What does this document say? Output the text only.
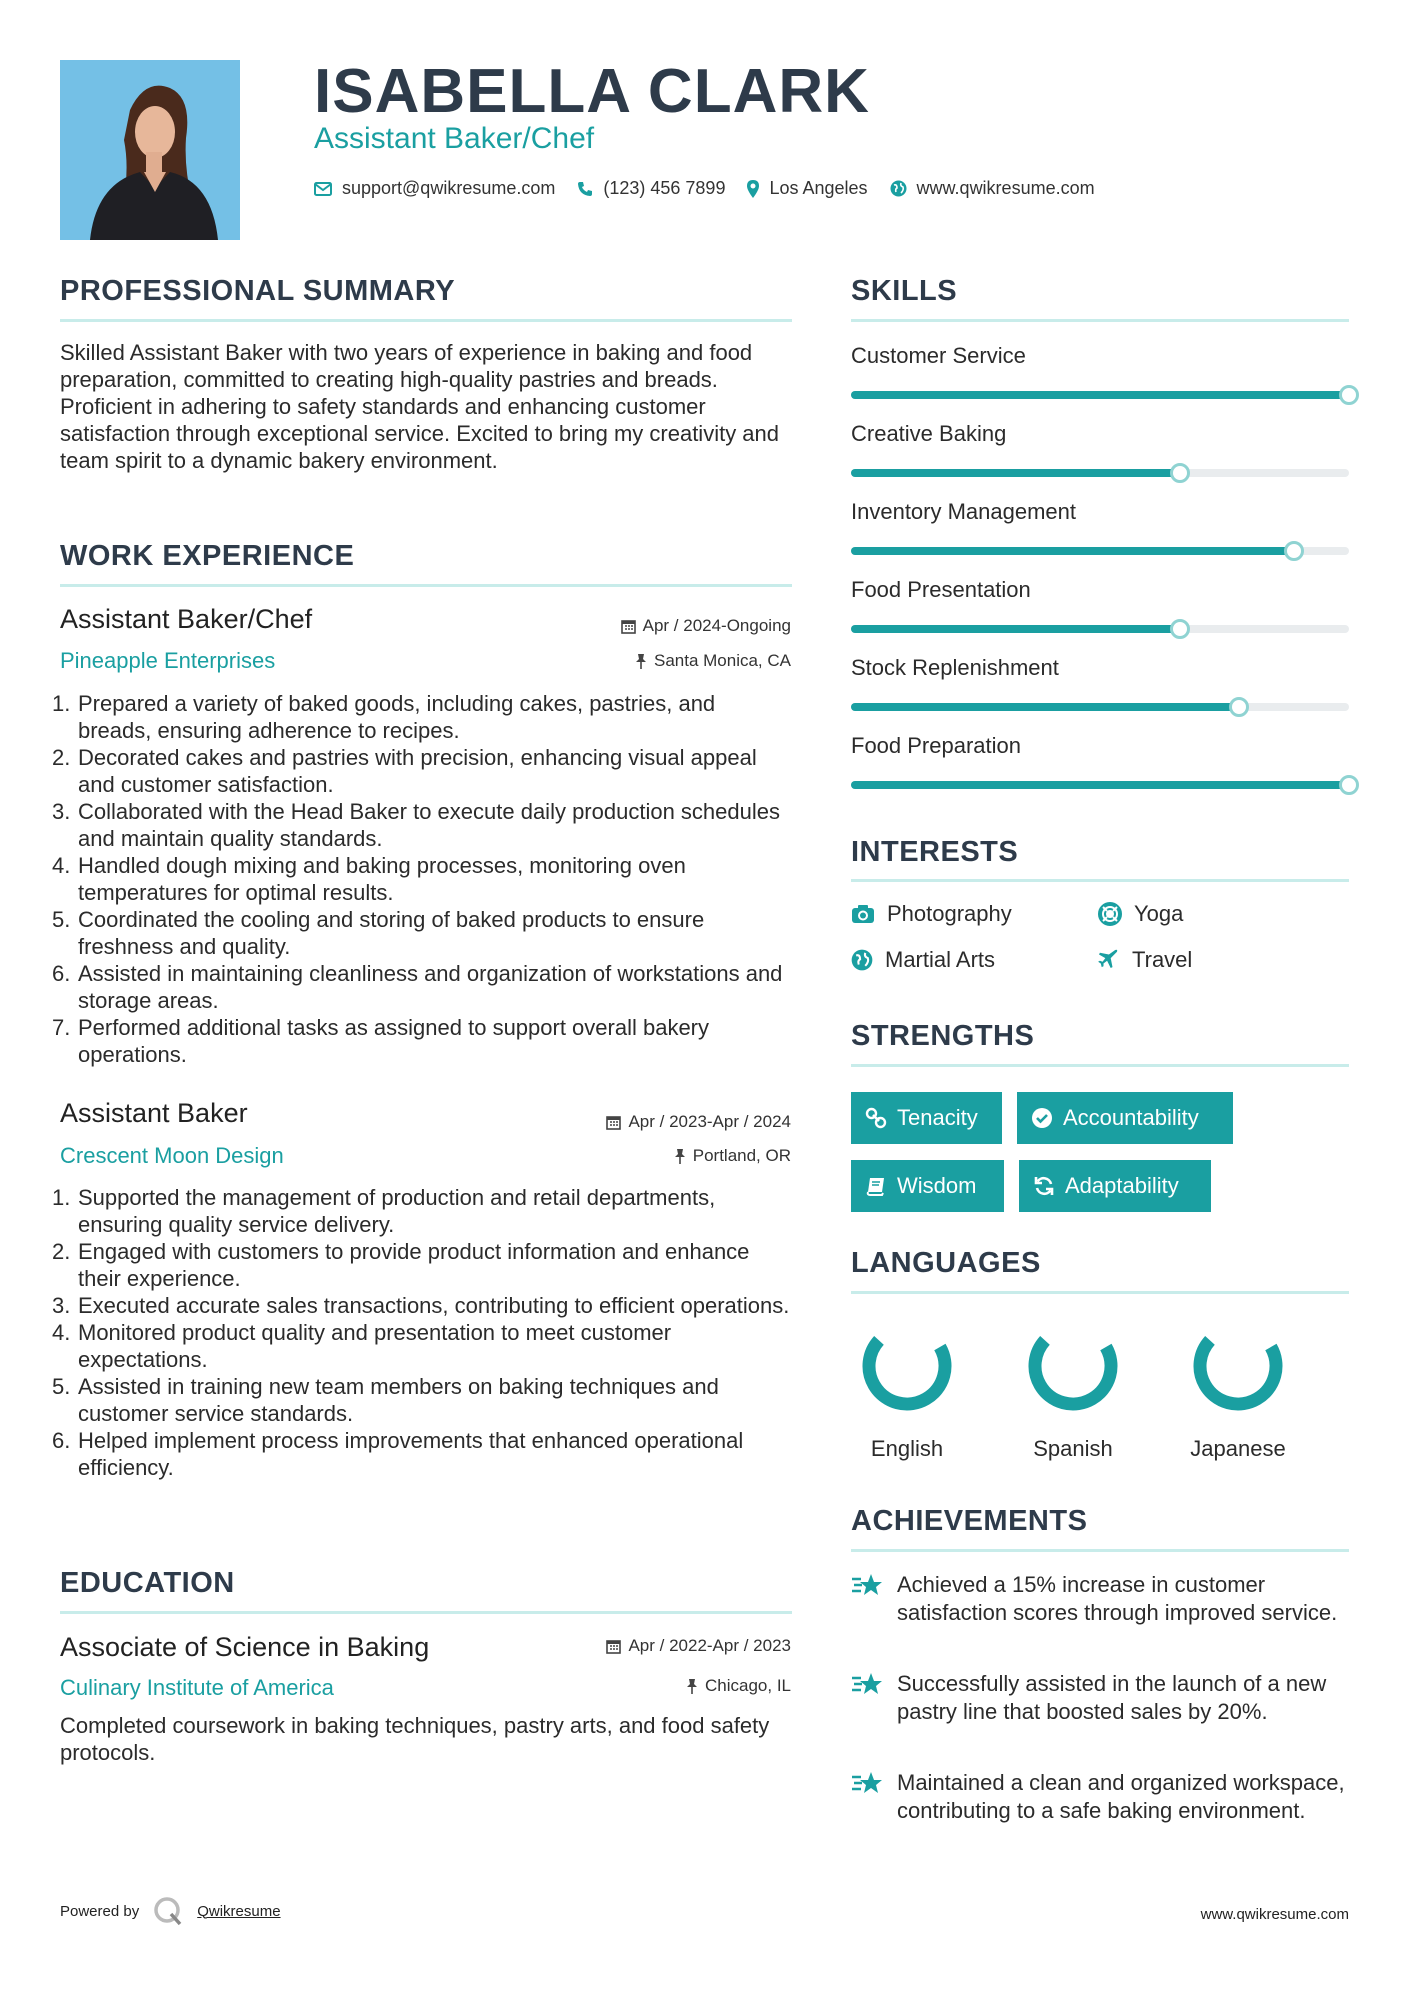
ISABELLA CLARK
Assistant Baker/Chef
support@qwikresume.com	(123) 456 7899 Los Angeles	www.qwikresume.com
PROFESSIONAL SUMMARY
Skilled Assistant Baker with two years of experience in baking and food preparation, committed to creating high-quality pastries and breads. Proficient in adhering to safety standards and enhancing customer satisfaction through exceptional service. Excited to bring my creativity and team spirit to a dynamic bakery environment.
WORK EXPERIENCE
Assistant Baker/Chef	Apr / 2024-Ongoing
Pineapple Enterprises	Santa Monica, CA
1. Prepared a variety of baked goods, including cakes, pastries, and breads, ensuring adherence to recipes.
2. Decorated cakes and pastries with precision, enhancing visual appeal and customer satisfaction.
3. Collaborated with the Head Baker to execute daily production schedules and maintain quality standards.
4. Handled dough mixing and baking processes, monitoring oven temperatures for optimal results.
5. Coordinated the cooling and storing of baked products to ensure freshness and quality.
6. Assisted in maintaining cleanliness and organization of workstations and storage areas.
7. Performed additional tasks as assigned to support overall bakery operations.
Assistant Baker	Apr / 2023-Apr / 2024
Crescent Moon Design	Portland, OR
1. Supported the management of production and retail departments, ensuring quality service delivery.
2. Engaged with customers to provide product information and enhance their experience.
3. Executed accurate sales transactions, contributing to efficient operations.
4. Monitored product quality and presentation to meet customer expectations.
5. Assisted in training new team members on baking techniques and customer service standards.
6. Helped implement process improvements that enhanced operational efficiency.
EDUCATION
Associate of Science in Baking	Apr / 2022-Apr / 2023
Culinary Institute of America	Chicago, IL
Completed coursework in baking techniques, pastry arts, and food safety protocols.
SKILLS
Customer Service
Creative Baking
Inventory Management
Food Presentation
Stock Replenishment
Food Preparation
INTERESTS
Photography	Yoga
Martial Arts	Travel
STRENGTHS
Tenacity	Accountability
Wisdom	Adaptability
LANGUAGES
English	Spanish	Japanese
ACHIEVEMENTS
Achieved a 15% increase in customer satisfaction scores through improved service.
Successfully assisted in the launch of a new pastry line that boosted sales by 20%.
Maintained a clean and organized workspace, contributing to a safe baking environment.
Powered by	Qwikresume	www.qwikresume.com
